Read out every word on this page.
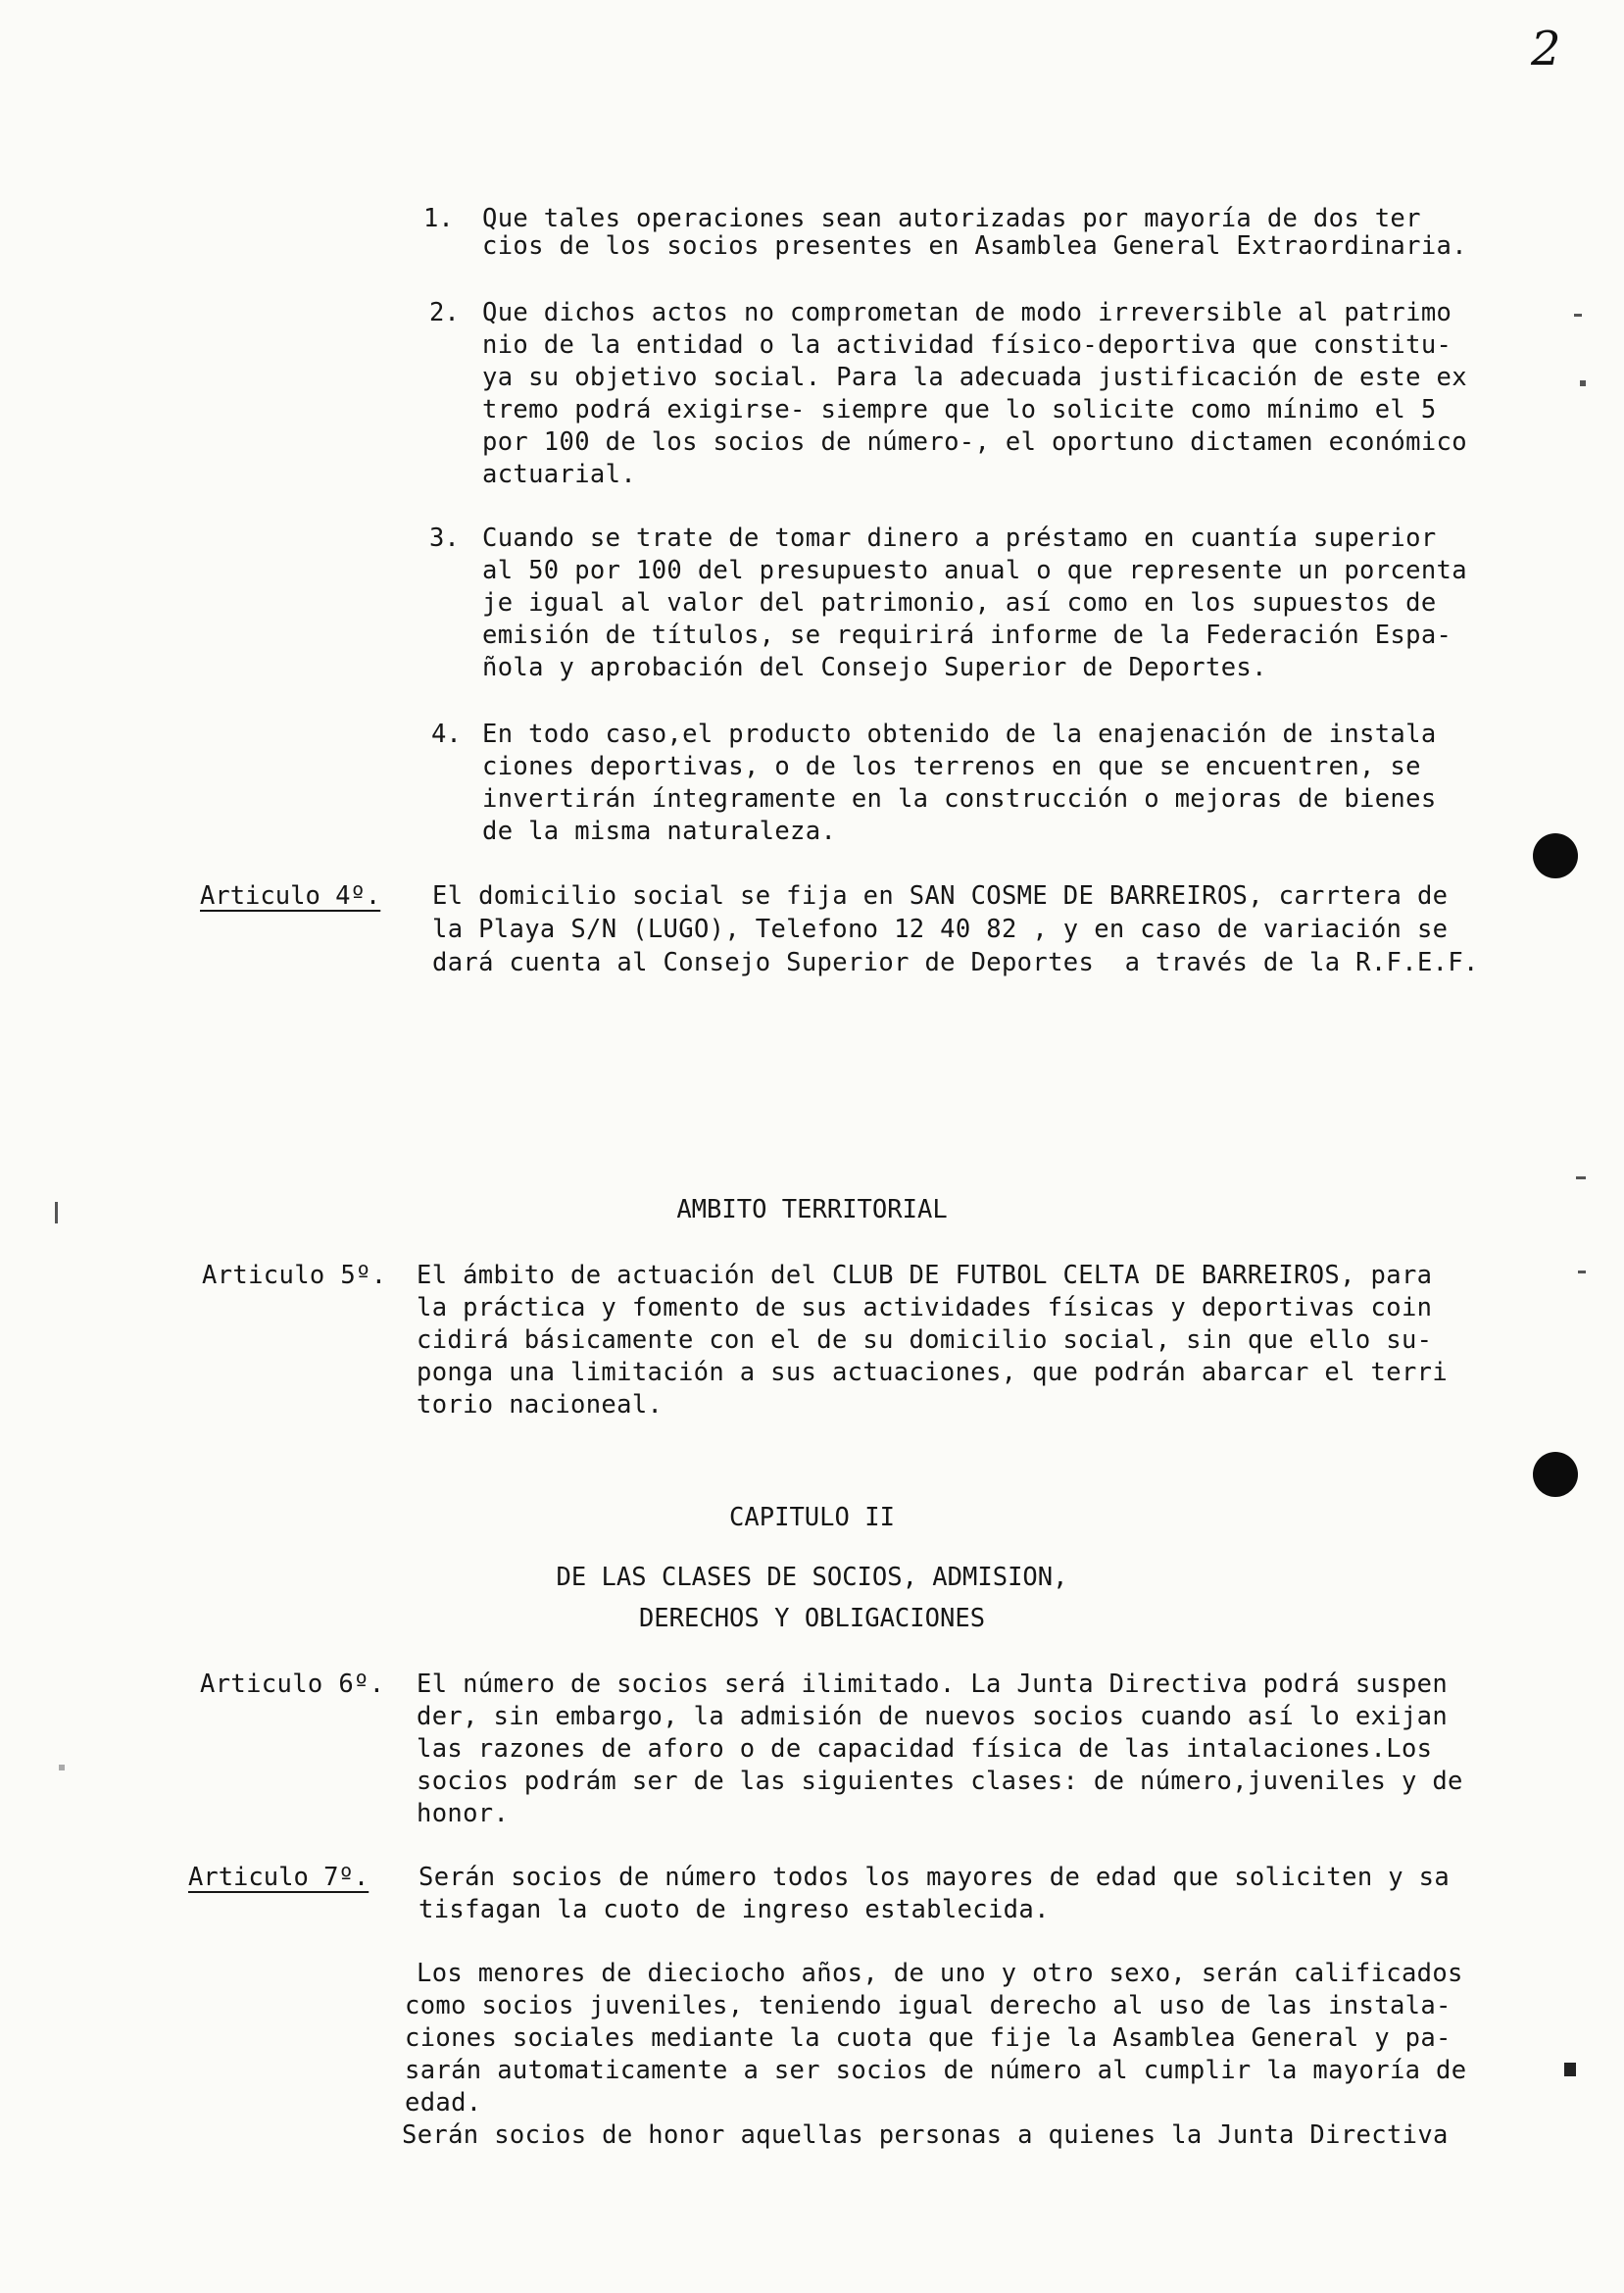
2
1. Que tales operaciones sean autorizadas por mayoría de dos ter
cios de los socios presentes en Asamblea General Extraordinaria.
2. Que dichos actos no comprometan de modo irreversible al patrimo
nio de la entidad o la actividad físico-deportiva que constitu-
ya su objetivo social. Para la adecuada justificación de este ex
tremo podrá exigirse- siempre que lo solicite como mínimo el 5
por 100 de los socios de número-, el oportuno dictamen económico
actuarial.
3. Cuando se trate de tomar dinero a préstamo en cuantía superior
al 50 por 100 del presupuesto anual o que represente un porcenta
je igual al valor del patrimonio, así como en los supuestos de
emisión de títulos, se requirirá informe de la Federación Espa-
ñola y aprobación del Consejo Superior de Deportes.
4. En todo caso,el producto obtenido de la enajenación de instala
ciones deportivas, o de los terrenos en que se encuentren, se
invertirán íntegramente en la construcción o mejoras de bienes
de la misma naturaleza.
Articulo 4º. El domicilio social se fija en SAN COSME DE BARREIROS, carrtera de
la Playa S/N (LUGO), Telefono 12 40 82 , y en caso de variación se
dará cuenta al Consejo Superior de Deportes  a través de la R.F.E.F.
AMBITO TERRITORIAL
Articulo 5º. El ámbito de actuación del CLUB DE FUTBOL CELTA DE BARREIROS, para
la práctica y fomento de sus actividades físicas y deportivas coin
cidirá básicamente con el de su domicilio social, sin que ello su-
ponga una limitación a sus actuaciones, que podrán abarcar el terri
torio nacioneal.
CAPITULO II
DE LAS CLASES DE SOCIOS, ADMISION,
DERECHOS Y OBLIGACIONES
Articulo 6º. El número de socios será ilimitado. La Junta Directiva podrá suspen
der, sin embargo, la admisión de nuevos socios cuando así lo exijan
las razones de aforo o de capacidad física de las intalaciones.Los
socios podrám ser de las siguientes clases: de número,juveniles y de
honor.
Articulo 7º. Serán socios de número todos los mayores de edad que soliciten y sa
tisfagan la cuoto de ingreso establecida.
Los menores de dieciocho años, de uno y otro sexo, serán calificados
como socios juveniles, teniendo igual derecho al uso de las instala-
ciones sociales mediante la cuota que fije la Asamblea General y pa-
sarán automaticamente a ser socios de número al cumplir la mayoría de
edad.
Serán socios de honor aquellas personas a quienes la Junta Directiva
